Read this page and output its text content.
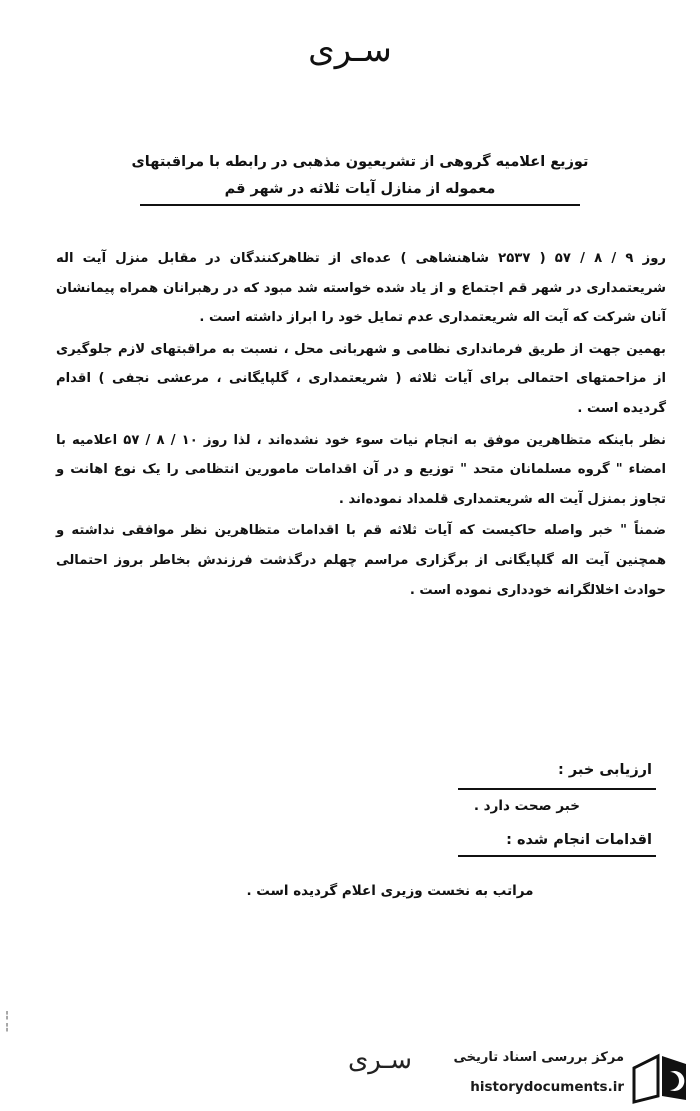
سـری
توزیع اعلامیه گروهی از تشریعیون مذهبی در رابطه با مراقبتهای
معموله از منازل آیات ثلاثه در شهر قم

روز ۹ / ۸ / ۵۷ ( ۲۵۳۷ شاهنشاهی ) عده‌ای از تظاهرکنندگان در مقابل منزل آیت اله شریعتمداری در شهر قم اجتماع و از یاد شده خواسته شد مبود که در رهبرانان همراه پیمانشان آنان شرکت که آیت اله شریعتمداری عدم تمایل خود را ابراز داشته است .

بهمین جهت از طریق فرمانداری نظامی و شهربانی محل ، نسبت به مراقبتهای لازم جلوگیری از مزاحمتهای احتمالی برای آیات ثلاثه ( شریعتمداری ، گلپایگانی ، مرعشی نجفی ) اقدام گردیده است .

نظر باینکه متظاهرین موفق به انجام نیات سوء خود نشده‌اند ، لذا روز ۱۰ / ۸ / ۵۷ اعلامیه با امضاء " گروه مسلمانان متحد " توزیع و در آن اقدامات مامورین انتظامی را یک نوع اهانت و تجاوز بمنزل آیت اله شریعتمداری قلمداد نموده‌اند .

ضمناً " خبر واصله حاکیست که آیات ثلاثه قم با اقدامات متظاهرین نظر موافقی نداشته و همچنین آیت اله گلپایگانی از برگزاری مراسم چهلم درگذشت فرزندش بخاطر بروز احتمالی حوادث اخلالگرانه خودداری نموده است .

ارزیابی خبر :
خبر صحت دارد .
اقدامات انجام شده :
مراتب به نخست وزیری اعلام گردیده است .
¦
¦
سـری	مرکز بررسی اسناد تاریخی
historydocuments.ir
